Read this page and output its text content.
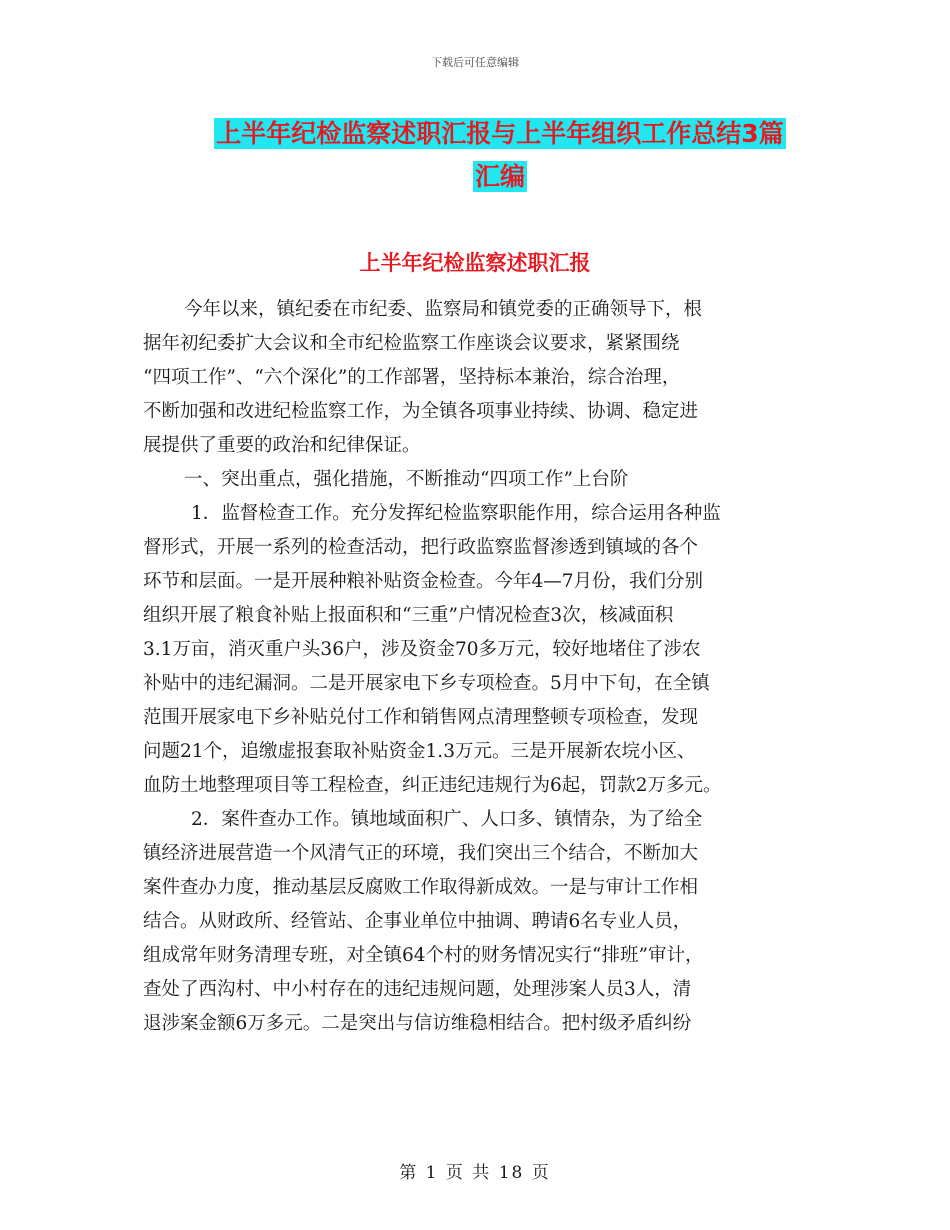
下载后可任意编辑
上半年纪检监察述职汇报与上半年组织工作总结3篇
汇编
上半年纪检监察述职汇报
今年以来，镇纪委在市纪委、监察局和镇党委的正确领导下，根
据年初纪委扩大会议和全市纪检监察工作座谈会议要求，紧紧围绕
“四项工作”、“六个深化”的工作部署，坚持标本兼治，综合治理，
不断加强和改进纪检监察工作，为全镇各项事业持续、协调、稳定进
展提供了重要的政治和纪律保证。
一、突出重点，强化措施，不断推动“四项工作”上台阶
1．监督检查工作。充分发挥纪检监察职能作用，综合运用各种监
督形式，开展一系列的检查活动，把行政监察监督渗透到镇域的各个
环节和层面。一是开展种粮补贴资金检查。今年4—7月份，我们分别
组织开展了粮食补贴上报面积和“三重”户情况检查3次，核减面积
3.1万亩，消灭重户头36户，涉及资金70多万元，较好地堵住了涉农
补贴中的违纪漏洞。二是开展家电下乡专项检查。5月中下旬，在全镇
范围开展家电下乡补贴兑付工作和销售网点清理整顿专项检查，发现
问题21个，追缴虚报套取补贴资金1.3万元。三是开展新农垸小区、
血防土地整理项目等工程检查，纠正违纪违规行为6起，罚款2万多元。
2．案件查办工作。镇地域面积广、人口多、镇情杂，为了给全
镇经济进展营造一个风清气正的环境，我们突出三个结合，不断加大
案件查办力度，推动基层反腐败工作取得新成效。一是与审计工作相
结合。从财政所、经管站、企事业单位中抽调、聘请6名专业人员，
组成常年财务清理专班，对全镇64个村的财务情况实行“排班”审计，
查处了西沟村、中小村存在的违纪违规问题，处理涉案人员3人，清
退涉案金额6万多元。二是突出与信访维稳相结合。把村级矛盾纠纷
第 1 页 共 18 页
